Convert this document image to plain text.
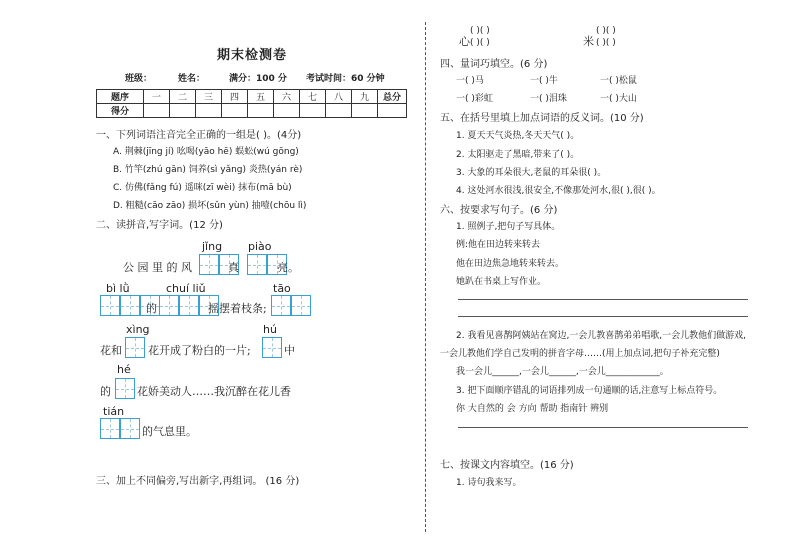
期末检测卷
班级：	姓名：	满分：100 分 考试时间：60 分钟
题序	一	二	三	四	五	六	七	八	九	总分
得分										
一、下列词语注音完全正确的一组是( )。(4分)
A. 荆棘(jīng jí) 吆喝(yāo hē) 蜈蚣(wú gōng)
B. 竹竿(zhú gān) 饲养(sì yǎng) 炎热(yán rè)
C. 仿佛(fǎng fú) 遥咪(zī wèi) 抹布(mā bù)
D. 粗糙(cāo zāo) 损坏(sǔn yùn) 抽噎(chōu lì)
二、读拼音,写字词。(12 分)
jǐng piào
公 园 里 的 风	真	亮。
bì lǜ	chuí liǔ	tāo
的	摇摆着枝条;
xìng	hú
花和 花开成了粉白的一片;	中
hé
的 花娇美动人……我沉醉在花儿香
tián
的气息里。
三、加上不同偏旁,写出新字,再组词。 (16 分)
心
( )( )
( )( )	米
( )( )
( )( )
四、量词巧填空。(6 分)
一( )马	一( )牛	一( )松鼠
一( )彩虹	一( )泪珠	一( )大山
五、在括号里填上加点词语的反义词。(10 分)
1. 夏天天气炎热,冬天天气( )。
2. 太阳驱走了黑暗,带来了( )。
3. 大象的耳朵很大,老鼠的耳朵很( )。
4. 这处河水很浅,很安全,不像那处河水,很( ),很( )。
六、按要求写句子。(6 分)
1. 照例子,把句子写具体。
例:他在田边转来转去
他在田边焦急地转来转去。
她趴在书桌上写作业。
2. 我看见喜鹊阿姨站在窝边,一会儿教喜鹊弟弟唱歌,一会儿教他们做游戏,
一会儿教他们学自己发明的拼音字母……(用上加点词,把句子补充完整)
我一会儿______,一会儿______,一会儿____________。
3. 把下面顺序错乱的词语排列成一句通顺的话,注意写上标点符号。
你 大自然的 会 方向 帮助 指南针 辨别
七、按课文内容填空。(16 分)
1. 诗句我来写。
